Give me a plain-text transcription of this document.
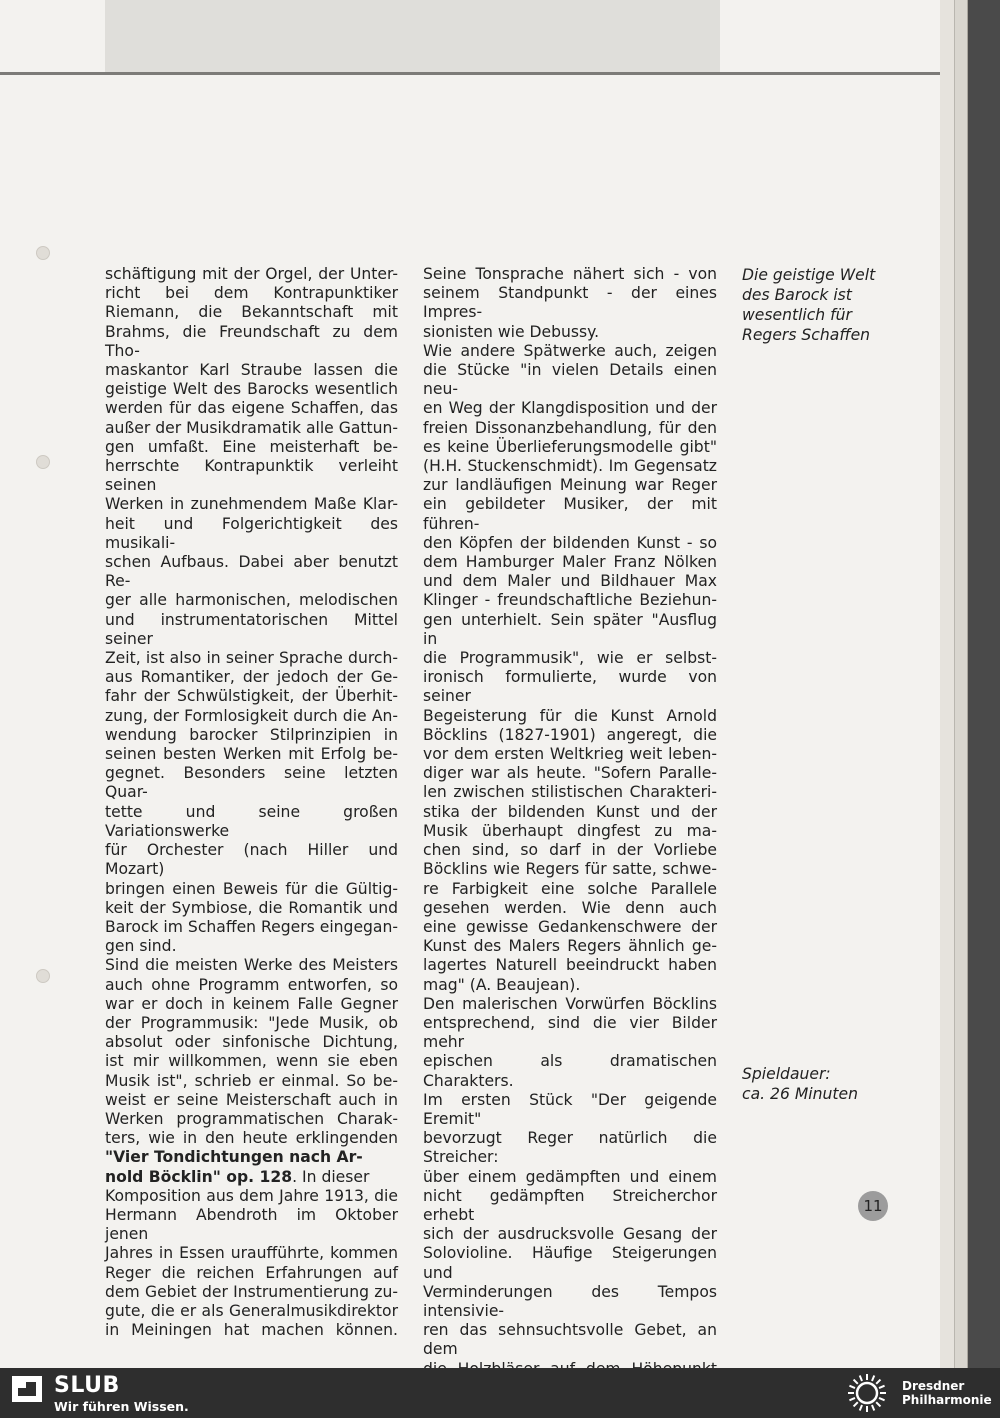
schäftigung mit der Orgel, der Unter-
richt bei dem Kontrapunktiker
Riemann, die Bekanntschaft mit
Brahms, die Freundschaft zu dem Tho-
maskantor Karl Straube lassen die
geistige Welt des Barocks wesentlich
werden für das eigene Schaffen, das
außer der Musikdramatik alle Gattun-
gen umfaßt. Eine meisterhaft be-
herrschte Kontrapunktik verleiht seinen
Werken in zunehmendem Maße Klar-
heit und Folgerichtigkeit des musikali-
schen Aufbaus. Dabei aber benutzt Re-
ger alle harmonischen, melodischen
und instrumentatorischen Mittel seiner
Zeit, ist also in seiner Sprache durch-
aus Romantiker, der jedoch der Ge-
fahr der Schwülstigkeit, der Überhit-
zung, der Formlosigkeit durch die An-
wendung barocker Stilprinzipien in
seinen besten Werken mit Erfolg be-
gegnet. Besonders seine letzten Quar-
tette und seine großen Variationswerke
für Orchester (nach Hiller und Mozart)
bringen einen Beweis für die Gültig-
keit der Symbiose, die Romantik und
Barock im Schaffen Regers eingegan-
gen sind.
Sind die meisten Werke des Meisters
auch ohne Programm entworfen, so
war er doch in keinem Falle Gegner
der Programmusik: "Jede Musik, ob
absolut oder sinfonische Dichtung,
ist mir willkommen, wenn sie eben
Musik ist", schrieb er einmal. So be-
weist er seine Meisterschaft auch in
Werken programmatischen Charak-
ters, wie in den heute erklingenden
"Vier Tondichtungen nach Ar-
nold Böcklin" op. 128. In dieser
Komposition aus dem Jahre 1913, die
Hermann Abendroth im Oktober jenen
Jahres in Essen uraufführte, kommen
Reger die reichen Erfahrungen auf
dem Gebiet der Instrumentierung zu-
gute, die er als Generalmusikdirektor
in Meiningen hat machen können.
Seine Tonsprache nähert sich - von
seinem Standpunkt - der eines Impres-
sionisten wie Debussy.
Wie andere Spätwerke auch, zeigen
die Stücke "in vielen Details einen neu-
en Weg der Klangdisposition und der
freien Dissonanzbehandlung, für den
es keine Überlieferungsmodelle gibt"
(H.H. Stuckenschmidt). Im Gegensatz
zur landläufigen Meinung war Reger
ein gebildeter Musiker, der mit führen-
den Köpfen der bildenden Kunst - so
dem Hamburger Maler Franz Nölken
und dem Maler und Bildhauer Max
Klinger - freundschaftliche Beziehun-
gen unterhielt. Sein später "Ausflug in
die Programmusik", wie er selbst-
ironisch formulierte, wurde von seiner
Begeisterung für die Kunst Arnold
Böcklins (1827-1901) angeregt, die
vor dem ersten Weltkrieg weit leben-
diger war als heute. "Sofern Paralle-
len zwischen stilistischen Charakteri-
stika der bildenden Kunst und der
Musik überhaupt dingfest zu ma-
chen sind, so darf in der Vorliebe
Böcklins wie Regers für satte, schwe-
re Farbigkeit eine solche Parallele
gesehen werden. Wie denn auch
eine gewisse Gedankenschwere der
Kunst des Malers Regers ähnlich ge-
lagertes Naturell beeindruckt haben
mag" (A. Beaujean).
Den malerischen Vorwürfen Böcklins
entsprechend, sind die vier Bilder mehr
epischen als dramatischen Charakters.
Im ersten Stück "Der geigende Eremit"
bevorzugt Reger natürlich die Streicher:
über einem gedämpften und einem
nicht gedämpften Streicherchor erhebt
sich der ausdrucksvolle Gesang der
Solovioline. Häufige Steigerungen und
Verminderungen des Tempos intensivie-
ren das sehnsuchtsvolle Gebet, an dem
Die geistige Welt
des Barock ist
wesentlich für
Regers Schaffen
Spieldauer:
ca. 26 Minuten
11
SLUB
Wir führen Wissen.
Dresdner
Philharmonie
